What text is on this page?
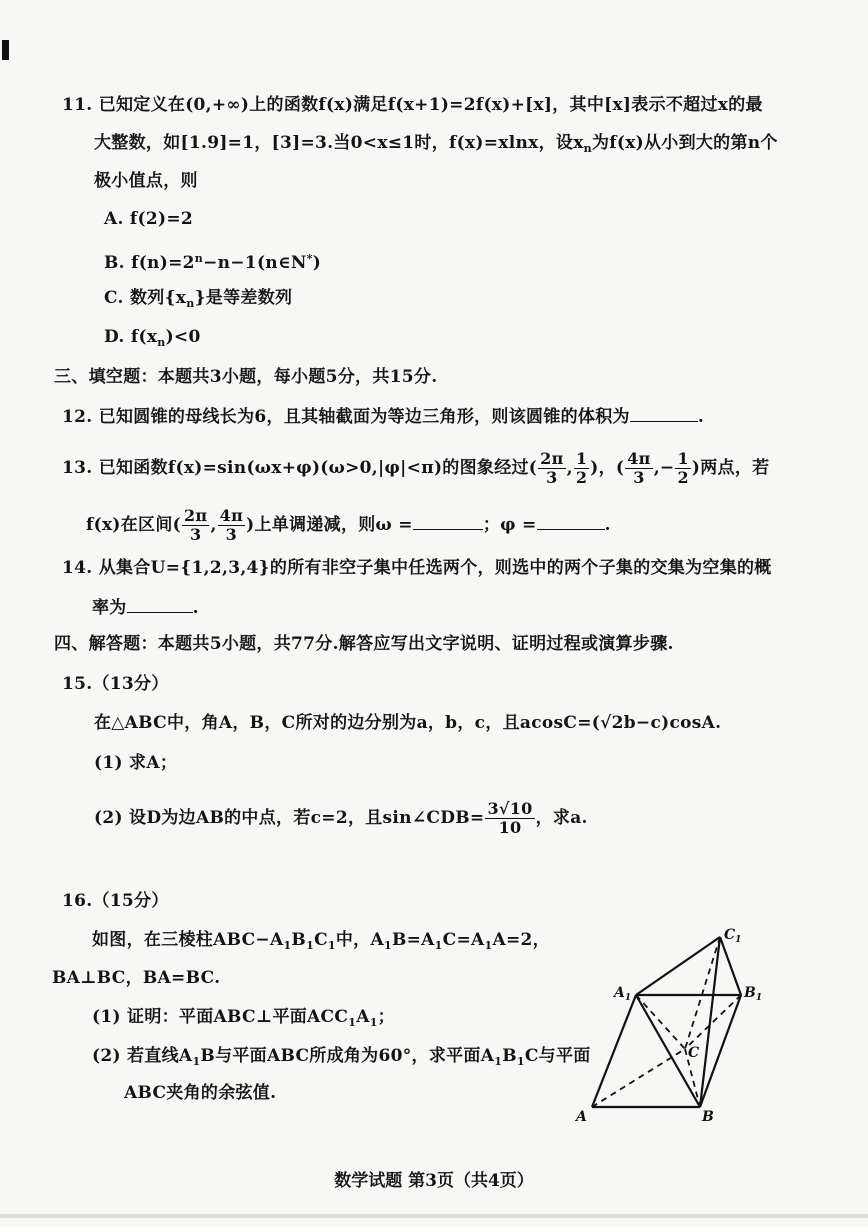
11. 已知定义在(0,+∞)上的函数f(x)满足f(x+1)=2f(x)+[x]，其中[x]表示不超过x的最
大整数，如[1.9]=1，[3]=3.当0<x≤1时，f(x)=xlnx，设$x_n$为f(x)从小到大的第n个
极小值点，则
A. f(2)=2
B. $f(n)=2^n-n-1(n\in N^*)$
C. 数列$\{x_n\}$是等差数列
D. $f(x_n)<0$
三、填空题：本题共3小题，每小题5分，共15分.
12. 已知圆锥的母线长为6，且其轴截面为等边三角形，则该圆锥的体积为	.
13. 已知函数f(x)=sin(ωx+φ)(ω>0,|φ|<π)的图象经过( $\frac{2\pi}{3}$ , $\frac{1}{2}$ )，( $\frac{4\pi}{3}$ ,− $\frac{1}{2}$ )两点，若
f(x)在区间( $\frac{2\pi}{3}$ , $\frac{4\pi}{3}$ )上单调递减，则ω =	；φ =	.
14. 从集合U={1,2,3,4}的所有非空子集中任选两个，则选中的两个子集的交集为空集的概
率为	.
四、解答题：本题共5小题，共77分.解答应写出文字说明、证明过程或演算步骤.
15.（13分）
在△ABC中，角A，B，C所对的边分别为a，b，c，且acosC=(√2b−c)cosA.
(1) 求A；
(2) 设D为边AB的中点，若c=2，且sin∠CDB= $\frac{3√10}{10}$ ，求a.
16.（15分）
如图，在三棱柱$ABC-A_1B_1C_1$中，$A_1B=A_1C=A_1A=2$，
BA⊥BC，BA=BC.
(1) 证明：平面ABC⊥平面$ACC_1A_1$；
(2) 若直线$A_1B$与平面ABC所成角为60°，求平面$A_1B_1C$与平面
ABC夹角的余弦值.
$C_1$
$A_1$	$B_1$
C
A	B
数学试题 第3页（共4页）
